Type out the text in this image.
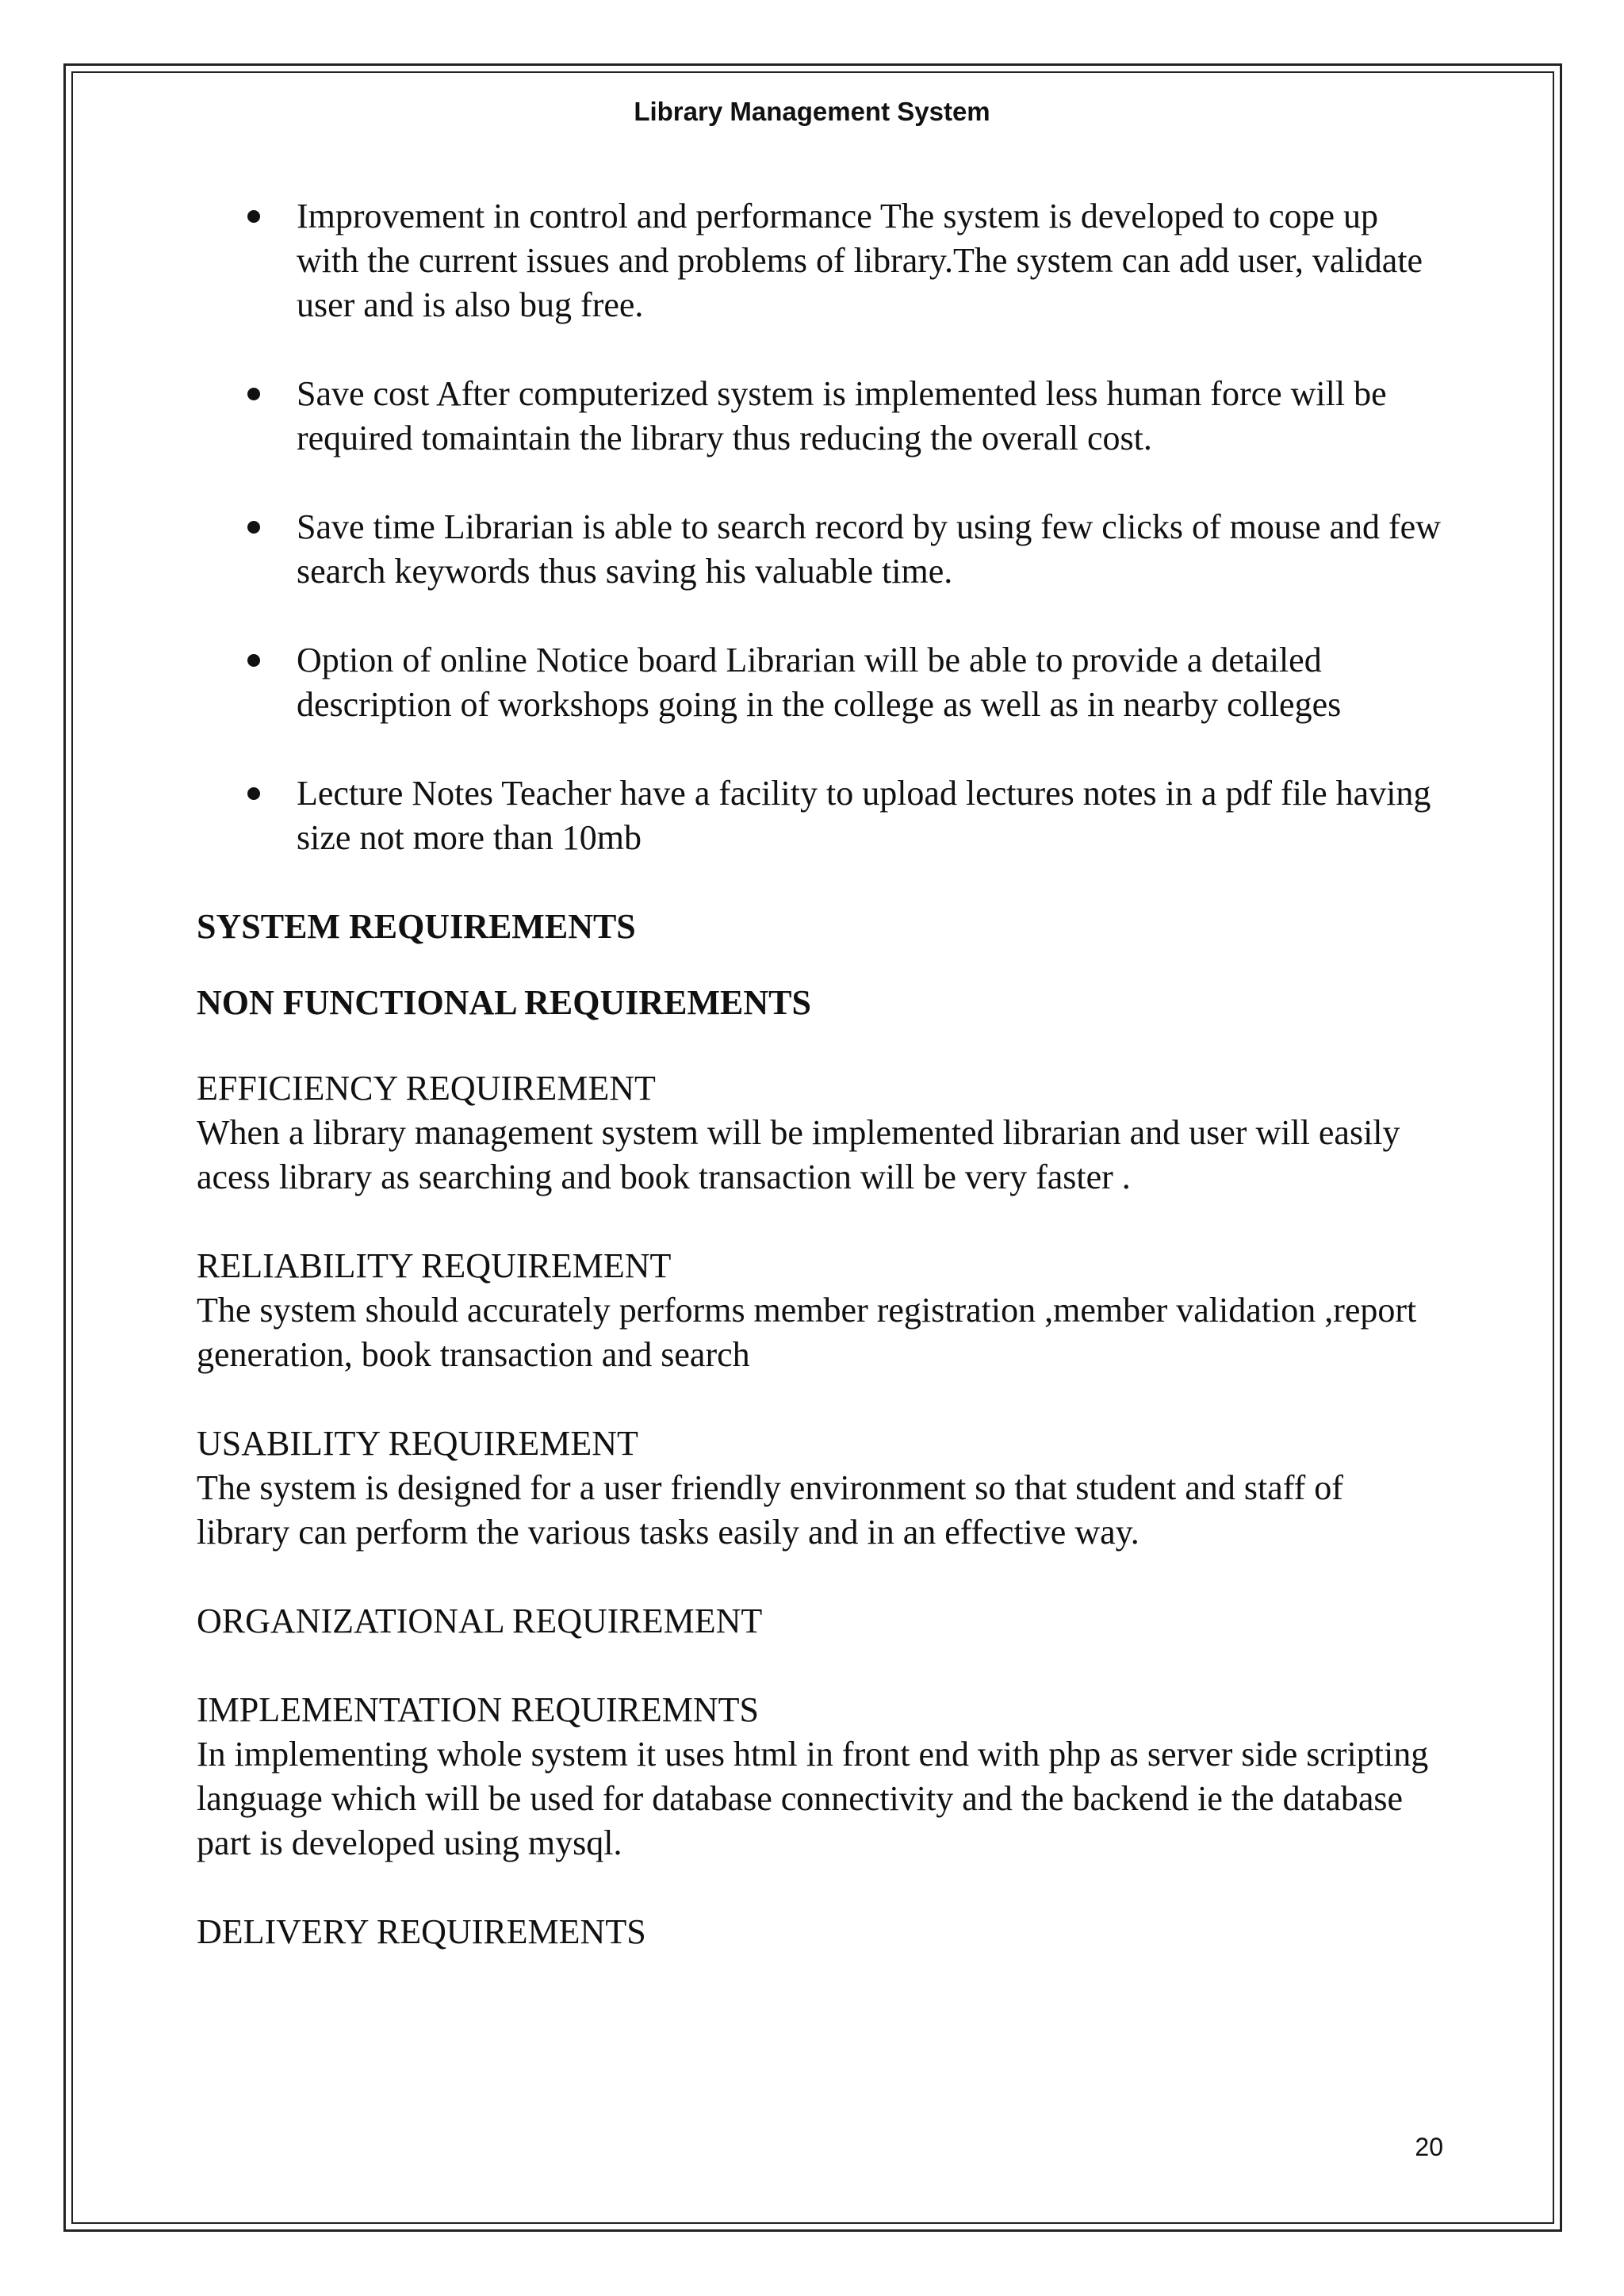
Library Management System
Improvement in control and performance The system is developed to cope up with the current issues and problems of library.The system can add user, validate user and is also bug free.
Save cost After computerized system is implemented less human force will be required tomaintain the library thus reducing the overall cost.
Save time Librarian is able to search record by using few clicks of mouse and few search keywords thus saving his valuable time.
Option of online Notice board Librarian will be able to provide a detailed description of workshops going in the college as well as in nearby colleges
Lecture Notes Teacher have a facility to upload lectures notes in a pdf file having size not more than 10mb

SYSTEM REQUIREMENTS

NON FUNCTIONAL REQUIREMENTS

EFFICIENCY REQUIREMENT
When a library management system will be implemented librarian and user will easily acess library as searching and book transaction will be very faster .
RELIABILITY REQUIREMENT
The system should accurately performs member registration ,member validation ,report generation, book transaction and search
USABILITY REQUIREMENT
The system is designed for a user friendly environment so that student and staff of library can perform the various tasks easily and in an effective way.
ORGANIZATIONAL REQUIREMENT
IMPLEMENTATION REQUIREMNTS
In implementing whole system it uses html in front end with php as server side scripting language which will be used for database connectivity and the backend ie the database part is developed using mysql.
DELIVERY REQUIREMENTS
20
